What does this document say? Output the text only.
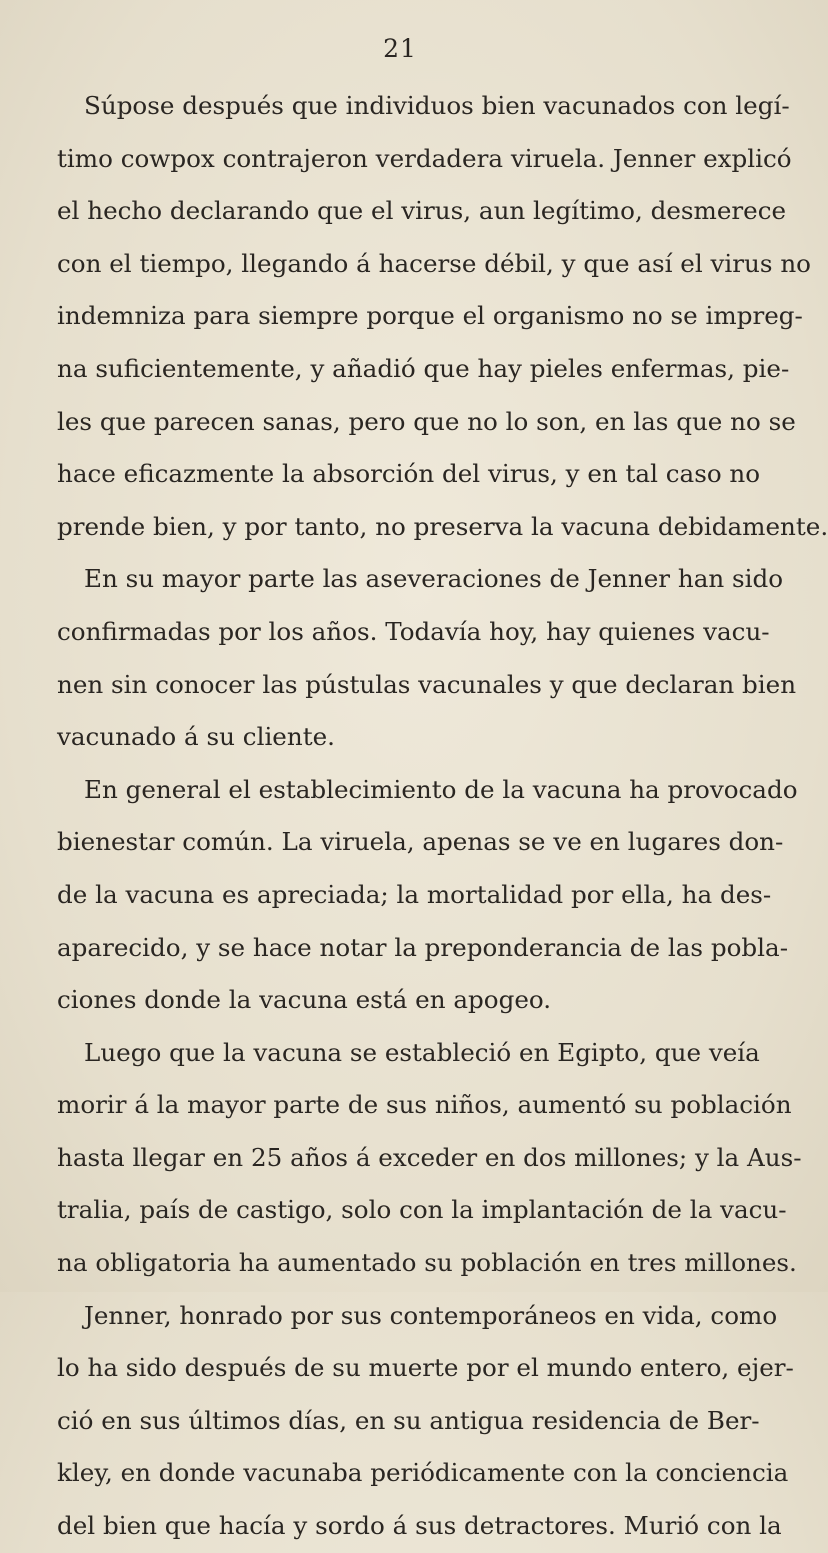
21
Súpose después que individuos bien vacunados con legí-
timo cowpox contrajeron verdadera viruela. Jenner explicó
el hecho declarando que el virus, aun legítimo, desmerece
con el tiempo, llegando á hacerse débil, y que así el virus no
indemniza para siempre porque el organismo no se impreg-
na suficientemente, y añadió que hay pieles enfermas, pie-
les que parecen sanas, pero que no lo son, en las que no se
hace eficazmente la absorción del virus, y en tal caso no
prende bien, y por tanto, no preserva la vacuna debidamente.
En su mayor parte las aseveraciones de Jenner han sido
confirmadas por los años. Todavía hoy, hay quienes vacu-
nen sin conocer las pústulas vacunales y que declaran bien
vacunado á su cliente.
En general el establecimiento de la vacuna ha provocado
bienestar común. La viruela, apenas se ve en lugares don-
de la vacuna es apreciada; la mortalidad por ella, ha des-
aparecido, y se hace notar la preponderancia de las pobla-
ciones donde la vacuna está en apogeo.
Luego que la vacuna se estableció en Egipto, que veía
morir á la mayor parte de sus niños, aumentó su población
hasta llegar en 25 años á exceder en dos millones; y la Aus-
tralia, país de castigo, solo con la implantación de la vacu-
na obligatoria ha aumentado su población en tres millones.
Jenner, honrado por sus contemporáneos en vida, como
lo ha sido después de su muerte por el mundo entero, ejer-
ció en sus últimos días, en su antigua residencia de Ber-
kley, en donde vacunaba periódicamente con la conciencia
del bien que hacía y sordo á sus detractores. Murió con la
